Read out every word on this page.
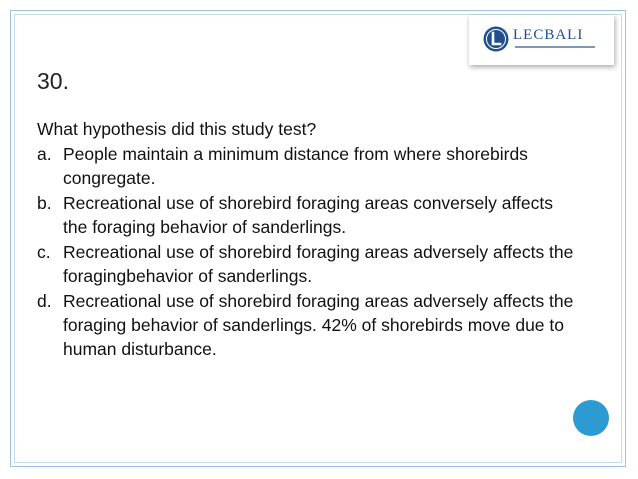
LECBALI
30.
What hypothesis did this study test?
a. People maintain a minimum distance from where shorebirds congregate.
b. Recreational use of shorebird foraging areas conversely affects the foraging behavior of sanderlings.
c. Recreational use of shorebird foraging areas adversely affects the foragingbehavior of sanderlings.
d. Recreational use of shorebird foraging areas adversely affects the foraging behavior of sanderlings. 42% of shorebirds move due to human disturbance.
